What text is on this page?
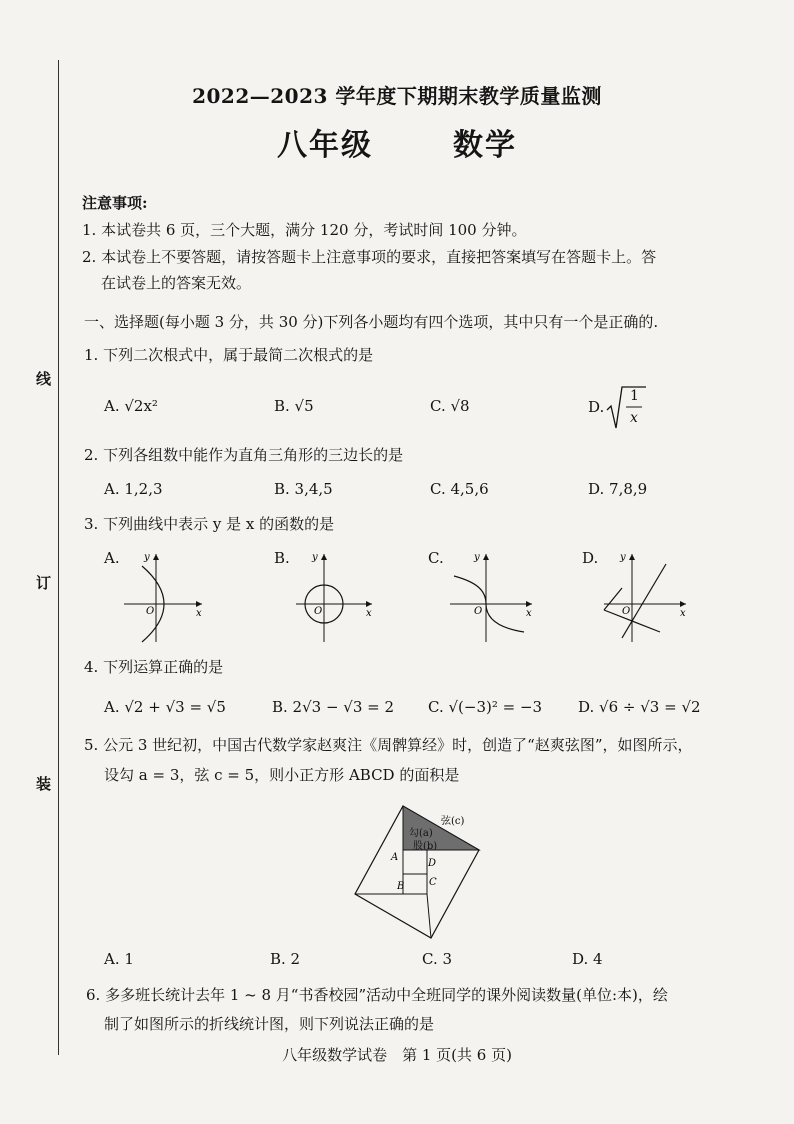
线
订
装
2022—2023 学年度下期期末教学质量监测
八年级	数学
注意事项:
1. 本试卷共 6 页，三个大题，满分 120 分，考试时间 100 分钟。
2. 本试卷上不要答题，请按答题卡上注意事项的要求，直接把答案填写在答题卡上。答
在试卷上的答案无效。
一、选择题(每小题 3 分，共 30 分)下列各小题均有四个选项，其中只有一个是正确的.
1. 下列二次根式中，属于最简二次根式的是
A. √2x²	B. √5	C. √8	D.
1
x
2. 下列各组数中能作为直角三角形的三边长的是
A. 1,2,3	B. 3,4,5	C. 4,5,6	D. 7,8,9
3. 下列曲线中表示 y 是 x 的函数的是
A.	B.	C.	D.
O	x
y
O	x
y
O	x
y
O	x
y
4. 下列运算正确的是
A. √2 + √3 = √5	B. 2√3 − √3 = 2 C. √(−3)² = −3 D. √6 ÷ √3 = √2
5. 公元 3 世纪初，中国古代数学家赵爽注《周髀算经》时，创造了“赵爽弦图”，如图所示，
设勾 a = 3，弦 c = 5，则小正方形 ABCD 的面积是
弦(c)
勾(a)
股(b)
A
B C
D
A. 1	B. 2	C. 3	D. 4
6. 多多班长统计去年 1 ~ 8 月“书香校园”活动中全班同学的课外阅读数量(单位:本)，绘
制了如图所示的折线统计图，则下列说法正确的是
八年级数学试卷　第 1 页(共 6 页)
